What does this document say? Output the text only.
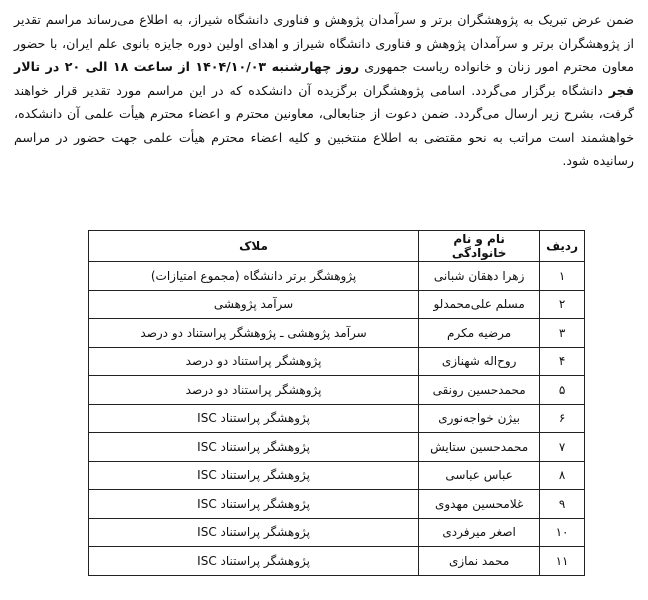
ضمن عرض تبریک به پژوهشگران برتر و سرآمدان پژوهش و فناوری دانشگاه شیراز، به اطلاع می‌رساند مراسم تقدیر از پژوهشگران برتر و سرآمدان پژوهش و فناوری دانشگاه شیراز و اهدای اولین دوره جایزه بانوی علم ایران، با حضور معاون محترم امور زنان و خانواده ریاست جمهوری روز چهارشنبه ۱۴۰۴/۱۰/۰۳ از ساعت ۱۸ الی ۲۰ در تالار فجر دانشگاه برگزار می‌گردد. اسامی پژوهشگران برگزیده آن دانشکده که در این مراسم مورد تقدیر قرار خواهند گرفت، بشرح زیر ارسال می‌گردد. ضمن دعوت از جنابعالی، معاونین محترم و اعضاء محترم هیأت علمی آن دانشکده، خواهشمند است مراتب به نحو مقتضی به اطلاع منتخبین و کلیه اعضاء محترم هیأت علمی جهت حضور در مراسم رسانیده شود.

ردیف	نام و نام خانوادگی	ملاک
۱	زهرا دهقان شبانی	پژوهشگر برتر دانشگاه (مجموع امتیازات)
۲	مسلم علی‌محمدلو	سرآمد پژوهشی
۳	مرضیه مکرم	سرآمد پژوهشی ـ پژوهشگر پراستناد دو درصد
۴	روح‌اله شهنازی	پژوهشگر پراستناد دو درصد
۵	محمدحسین رونقی	پژوهشگر پراستناد دو درصد
۶	بیژن خواجه‌نوری	پژوهشگر پراستناد ISC
۷	محمدحسین ستایش	پژوهشگر پراستناد ISC
۸	عباس عباسی	پژوهشگر پراستناد ISC
۹	غلامحسین مهدوی	پژوهشگر پراستناد ISC
۱۰	اصغر میرفردی	پژوهشگر پراستناد ISC
۱۱	محمد نمازی	پژوهشگر پراستناد ISC
